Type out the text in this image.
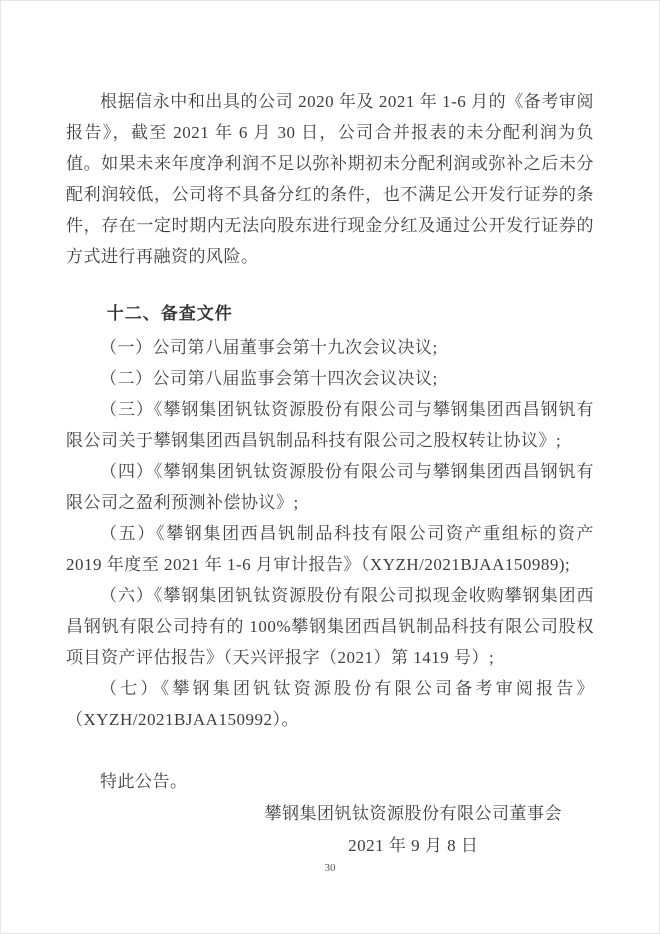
根据信永中和出具的公司 2020 年及 2021 年 1-6 月的《备考审阅报告》，截至 2021 年 6 月 30 日，公司合并报表的未分配利润为负值。如果未来年度净利润不足以弥补期初未分配利润或弥补之后未分配利润较低，公司将不具备分红的条件，也不满足公开发行证券的条件，存在一定时期内无法向股东进行现金分红及通过公开发行证券的方式进行再融资的风险。

十二、备查文件

（一）公司第八届董事会第十九次会议决议;

（二）公司第八届监事会第十四次会议决议;

（三）《攀钢集团钒钛资源股份有限公司与攀钢集团西昌钢钒有限公司关于攀钢集团西昌钒制品科技有限公司之股权转让协议》;

（四）《攀钢集团钒钛资源股份有限公司与攀钢集团西昌钢钒有限公司之盈利预测补偿协议》;

（五）《攀钢集团西昌钒制品科技有限公司资产重组标的资产 2019 年度至 2021 年 1-6 月审计报告》（XYZH/2021BJAA150989);

（六）《攀钢集团钒钛资源股份有限公司拟现金收购攀钢集团西昌钢钒有限公司持有的 100%攀钢集团西昌钒制品科技有限公司股权项目资产评估报告》（天兴评报字（2021）第 1419 号）;

（七）《攀钢集团钒钛资源股份有限公司备考审阅报告》（XYZH/2021BJAA150992）。

特此公告。

攀钢集团钒钛资源股份有限公司董事会

2021 年 9 月 8 日

30
